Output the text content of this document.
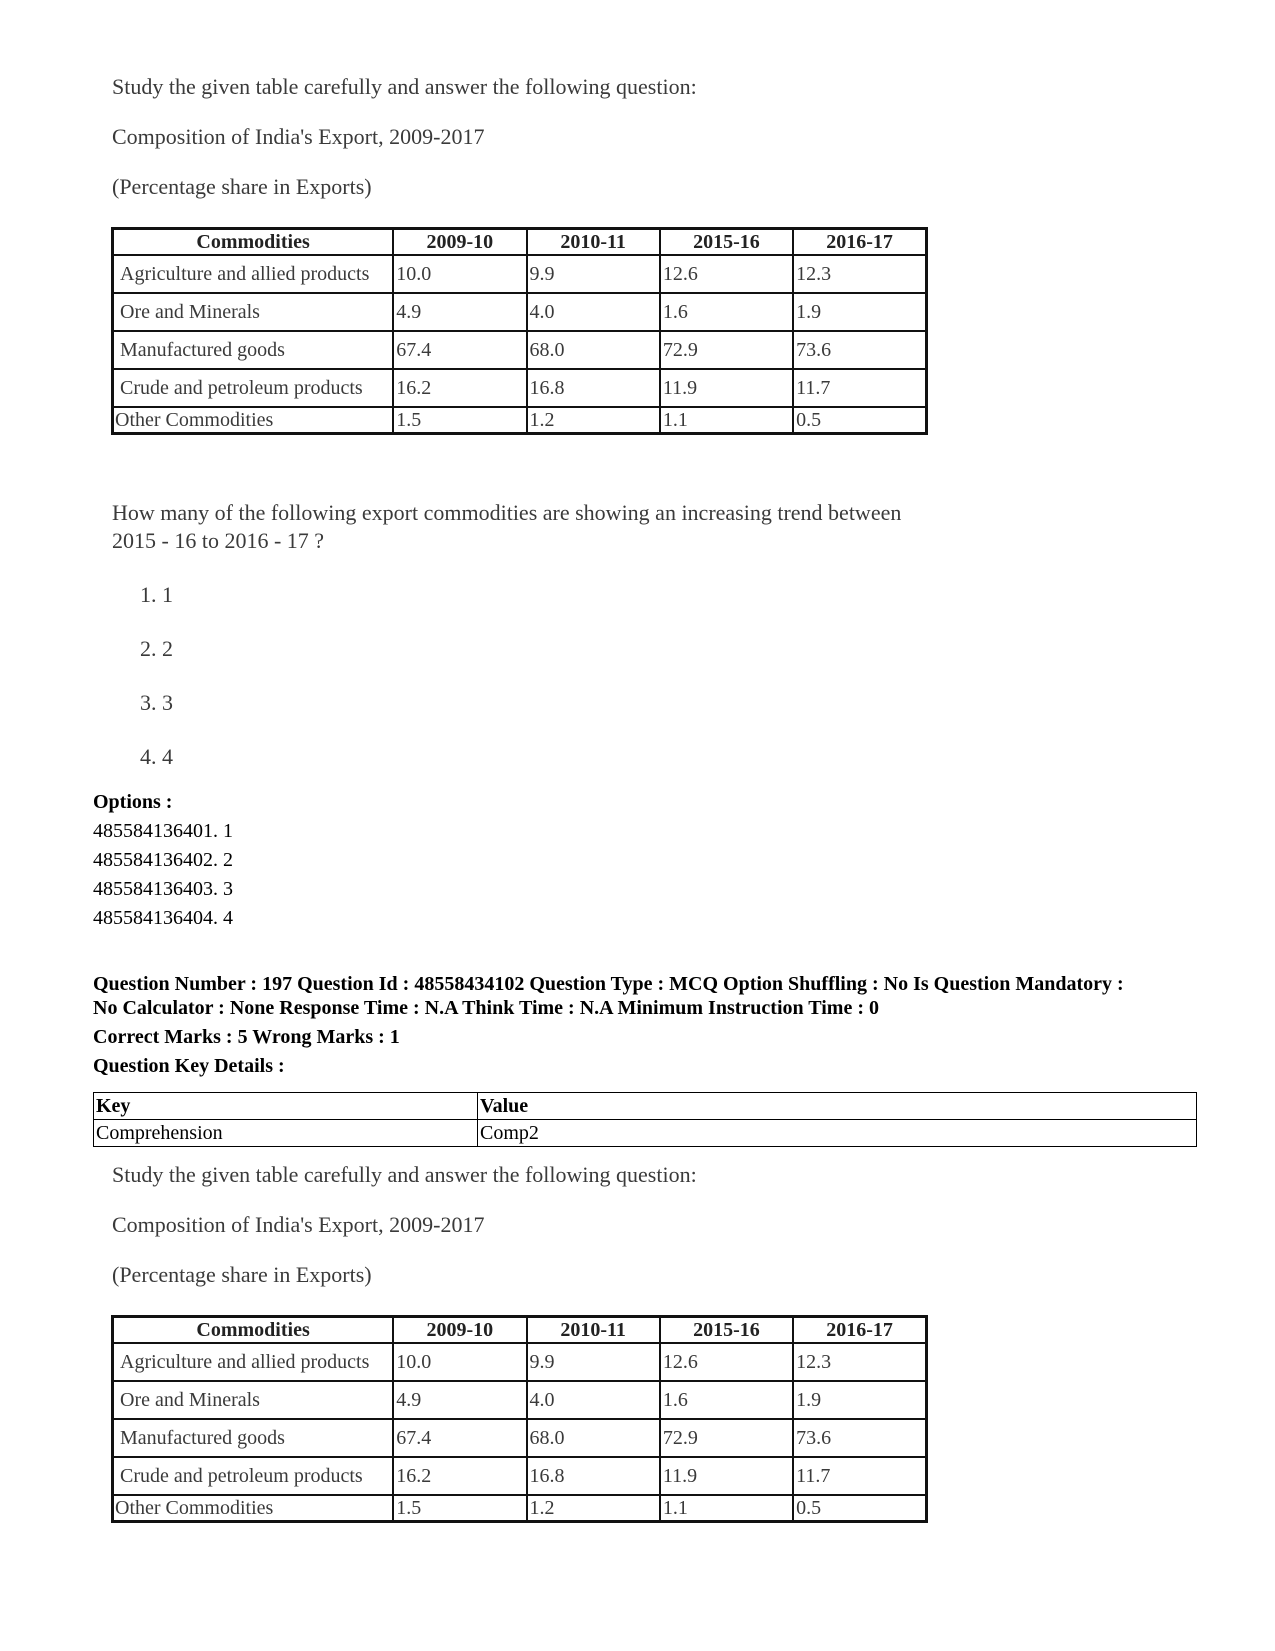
Study the given table carefully and answer the following question:
Composition of India's Export, 2009-2017
(Percentage share in Exports)
Commodities	2009-10	2010-11	2015-16	2016-17
Agriculture and allied products	10.0	9.9	12.6	12.3
Ore and Minerals	4.9	4.0	1.6	1.9
Manufactured goods	67.4	68.0	72.9	73.6
Crude and petroleum products	16.2	16.8	11.9	11.7
Other Commodities	1.5	1.2	1.1	0.5
How many of the following export commodities are showing an increasing trend between
2015 - 16 to 2016 - 17 ?
1. 1
2. 2
3. 3
4. 4
Options :
485584136401. 1
485584136402. 2
485584136403. 3
485584136404. 4
Question Number : 197 Question Id : 48558434102 Question Type : MCQ Option Shuffling : No Is Question Mandatory :
No Calculator : None Response Time : N.A Think Time : N.A Minimum Instruction Time : 0
Correct Marks : 5 Wrong Marks : 1
Question Key Details :
Key	Value
Comprehension	Comp2
Study the given table carefully and answer the following question:
Composition of India's Export, 2009-2017
(Percentage share in Exports)
Commodities	2009-10	2010-11	2015-16	2016-17
Agriculture and allied products	10.0	9.9	12.6	12.3
Ore and Minerals	4.9	4.0	1.6	1.9
Manufactured goods	67.4	68.0	72.9	73.6
Crude and petroleum products	16.2	16.8	11.9	11.7
Other Commodities	1.5	1.2	1.1	0.5
